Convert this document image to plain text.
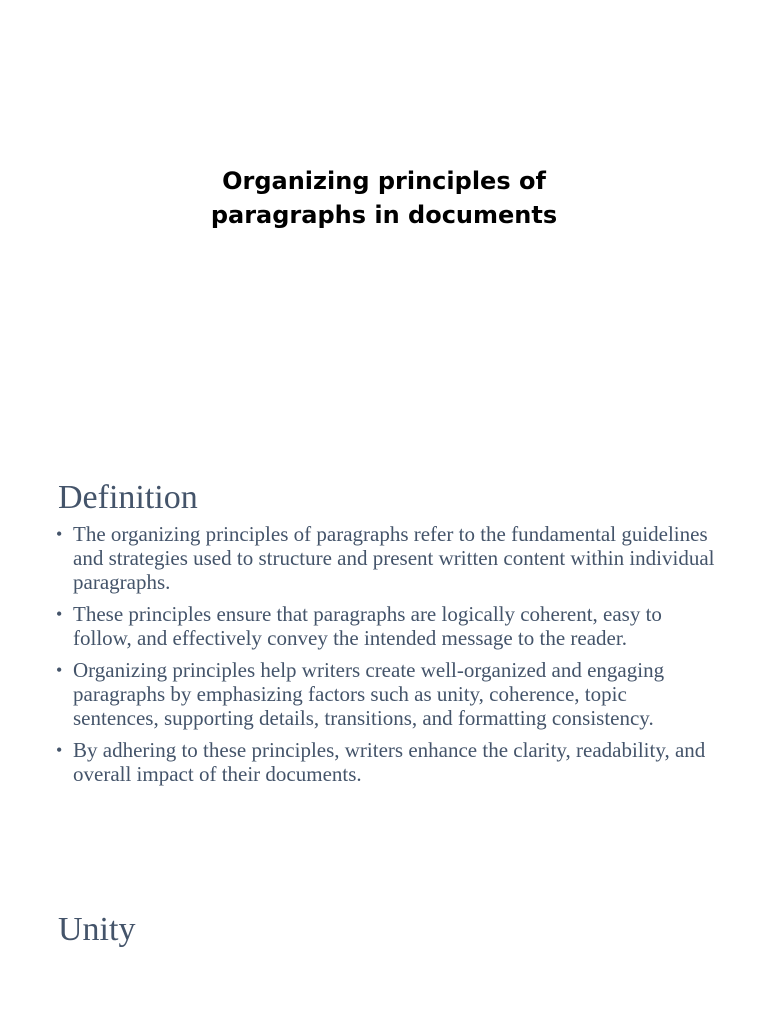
Organizing principles of
paragraphs in documents
Definition
• The organizing principles of paragraphs refer to the fundamental guidelines and strategies used to structure and present written content within individual paragraphs.
• These principles ensure that paragraphs are logically coherent, easy to follow, and effectively convey the intended message to the reader.
• Organizing principles help writers create well-organized and engaging paragraphs by emphasizing factors such as unity, coherence, topic sentences, supporting details, transitions, and formatting consistency.
• By adhering to these principles, writers enhance the clarity, readability, and overall impact of their documents.
Unity
